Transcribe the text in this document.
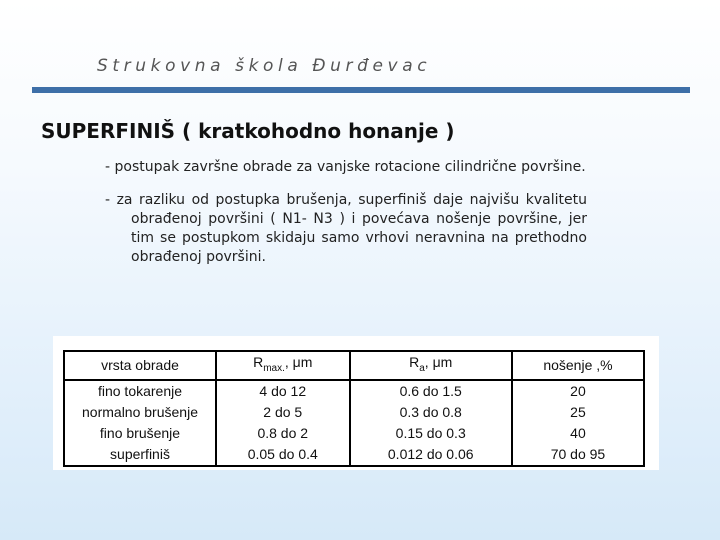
Strukovna škola Đurđevac
SUPERFINIŠ ( kratkohodno honanje )

- postupak završne obrade za vanjske rotacione cilindrične površine.

- za razliku od postupka brušenja, superfiniš daje najvišu kvalitetu obrađenoj površini ( N1- N3 ) i povećava nošenje površine, jer tim se postupkom skidaju samo vrhovi neravnina na prethodno obrađenoj površini.

vrsta obrade	$R_{max.}$, μm	$R_a$, μm	nošenje ,%
fino tokarenje	4 do 12	0.6 do 1.5	20
normalno brušenje	2 do 5	0.3 do 0.8	25
fino brušenje	0.8 do 2	0.15 do 0.3	40
superfiniš	0.05 do 0.4	0.012 do 0.06	70 do 95
